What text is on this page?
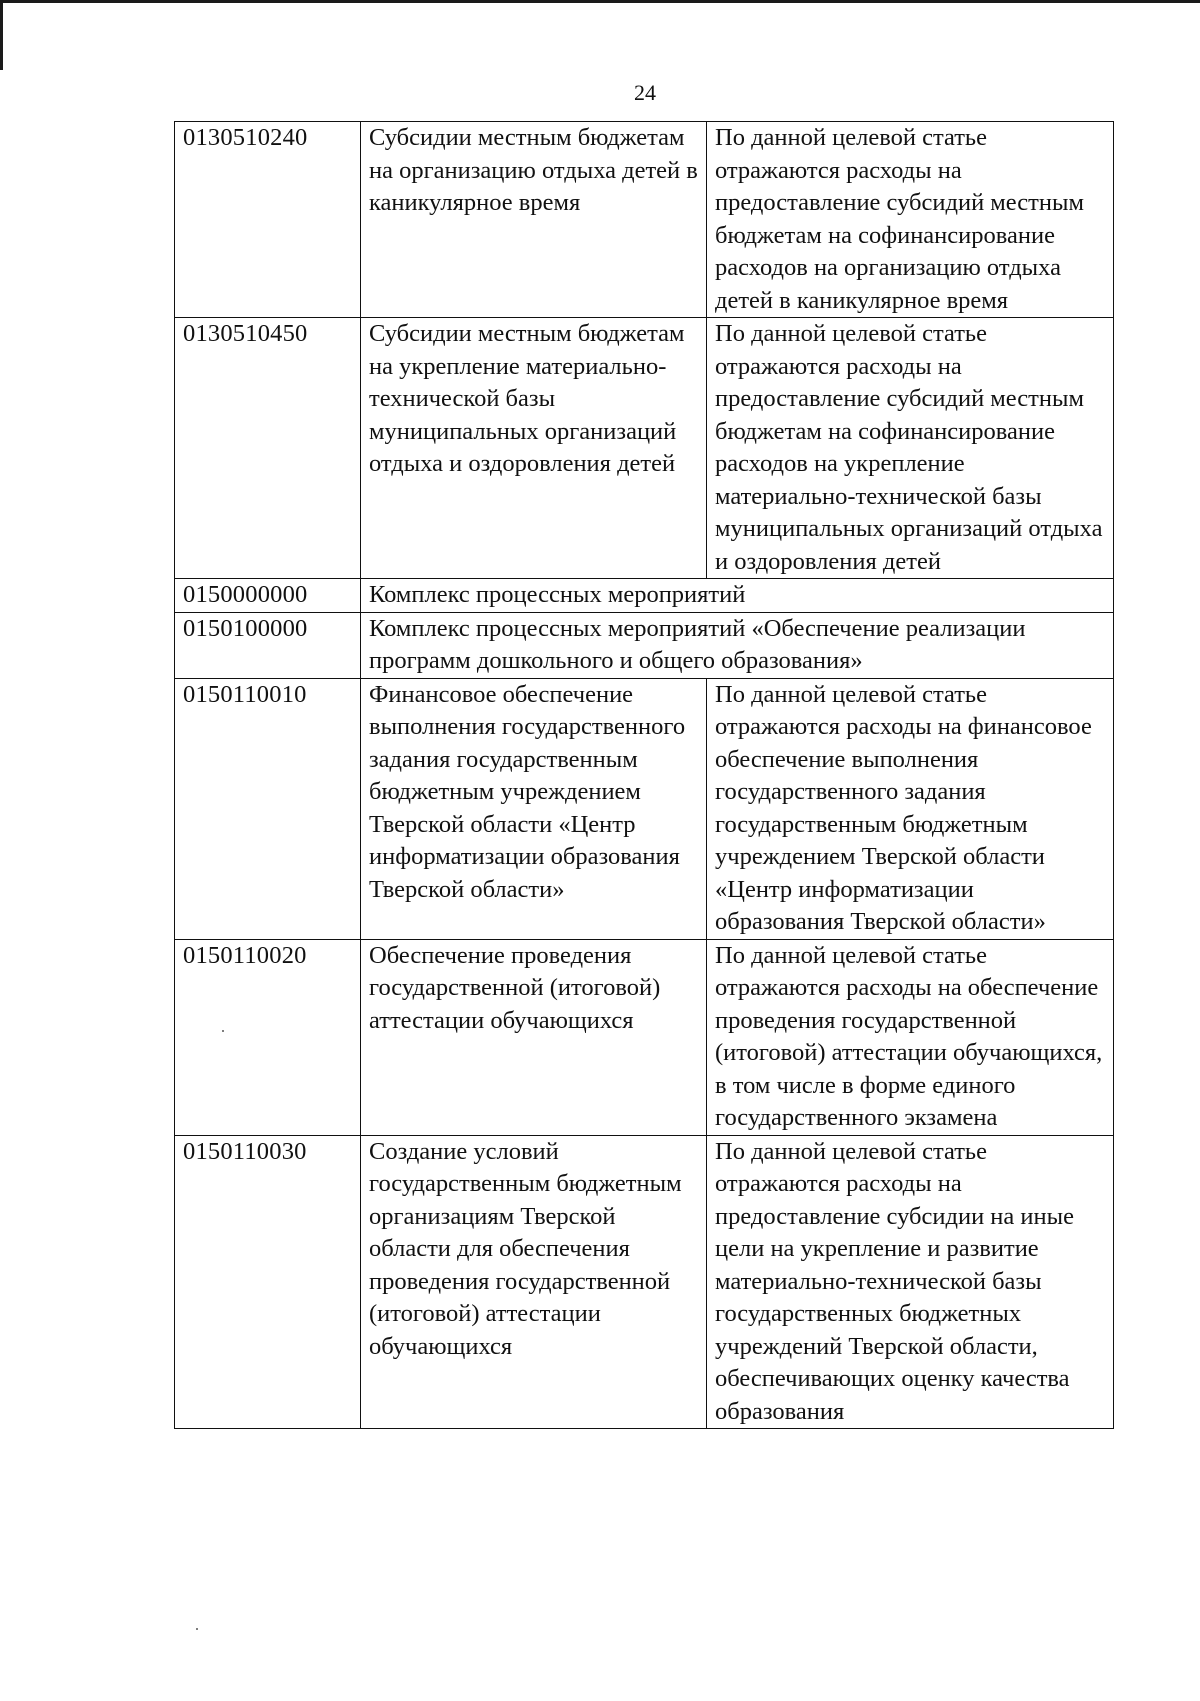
24
0130510240	Субсидии местным бюджетам на организацию отдыха детей в каникулярное время	По данной целевой статье отражаются расходы на предоставление субсидий местным бюджетам на софинансирование расходов на организацию отдыха детей в каникулярное время
0130510450	Субсидии местным бюджетам на укрепление материально-технической базы муниципальных организаций отдыха и оздоровления детей	По данной целевой статье отражаются расходы на предоставление субсидий местным бюджетам на софинансирование расходов на укрепление материально-технической базы муниципальных организаций отдыха и оздоровления детей
0150000000	Комплекс процессных мероприятий	
0150100000	Комплекс процессных мероприятий «Обеспечение реализации программ дошкольного и общего образования»	
0150110010	Финансовое обеспечение выполнения государственного задания государственным бюджетным учреждением Тверской области «Центр информатизации образования Тверской области»	По данной целевой статье отражаются расходы на финансовое обеспечение выполнения государственного задания государственным бюджетным учреждением Тверской области «Центр информатизации образования Тверской области»
0150110020	Обеспечение проведения государственной (итоговой) аттестации обучающихся	По данной целевой статье отражаются расходы на обеспечение проведения государственной (итоговой) аттестации обучающихся, в том числе в форме единого государственного экзамена
0150110030	Создание условий государственным бюджетным организациям Тверской области для обеспечения проведения государственной (итоговой) аттестации обучающихся	По данной целевой статье отражаются расходы на предоставление субсидии на иные цели на укрепление и развитие материально-технической базы государственных бюджетных учреждений Тверской области, обеспечивающих оценку качества образования
